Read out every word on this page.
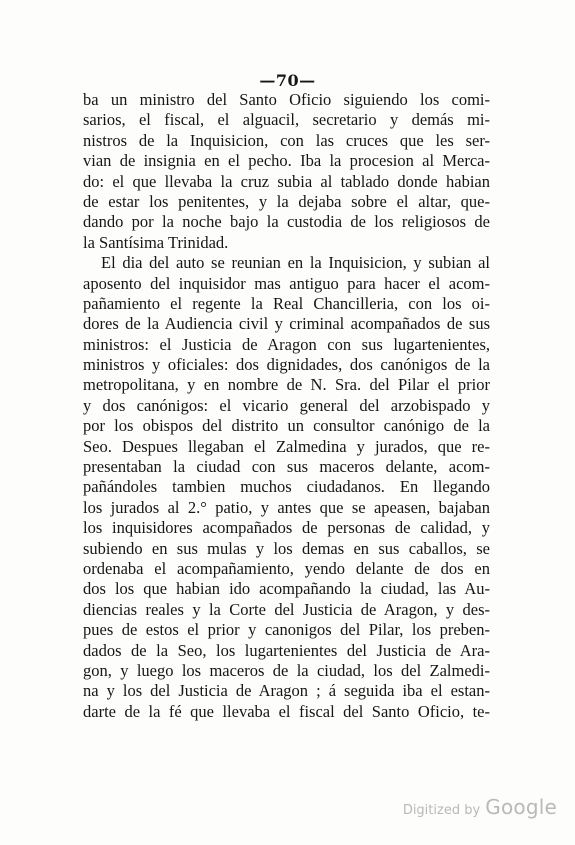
—70—
ba un ministro del Santo Oficio siguiendo los comi-
sarios, el fiscal, el alguacil, secretario y demás mi-
nistros de la Inquisicion, con las cruces que les ser-
vian de insignia en el pecho. Iba la procesion al Merca-
do: el que llevaba la cruz subia al tablado donde habian
de estar los penitentes, y la dejaba sobre el altar, que-
dando por la noche bajo la custodia de los religiosos de
la Santísima Trinidad.
El dia del auto se reunian en la Inquisicion, y subian al
aposento del inquisidor mas antiguo para hacer el acom-
pañamiento el regente la Real Chancilleria, con los oi-
dores de la Audiencia civil y criminal acompañados de sus
ministros: el Justicia de Aragon con sus lugartenientes,
ministros y oficiales: dos dignidades, dos canónigos de la
metropolitana, y en nombre de N. Sra. del Pilar el prior
y dos canónigos: el vicario general del arzobispado y
por los obispos del distrito un consultor canónigo de la
Seo. Despues llegaban el Zalmedina y jurados, que re-
presentaban la ciudad con sus maceros delante, acom-
pañándoles tambien muchos ciudadanos. En llegando
los jurados al 2.° patio, y antes que se apeasen, bajaban
los inquisidores acompañados de personas de calidad, y
subiendo en sus mulas y los demas en sus caballos, se
ordenaba el acompañamiento, yendo delante de dos en
dos los que habian ido acompañando la ciudad, las Au-
diencias reales y la Corte del Justicia de Aragon, y des-
pues de estos el prior y canonigos del Pilar, los preben-
dados de la Seo, los lugartenientes del Justicia de Ara-
gon, y luego los maceros de la ciudad, los del Zalmedi-
na y los del Justicia de Aragon ; á seguida iba el estan-
darte de la fé que llevaba el fiscal del Santo Oficio, te-
Digitized by Google
